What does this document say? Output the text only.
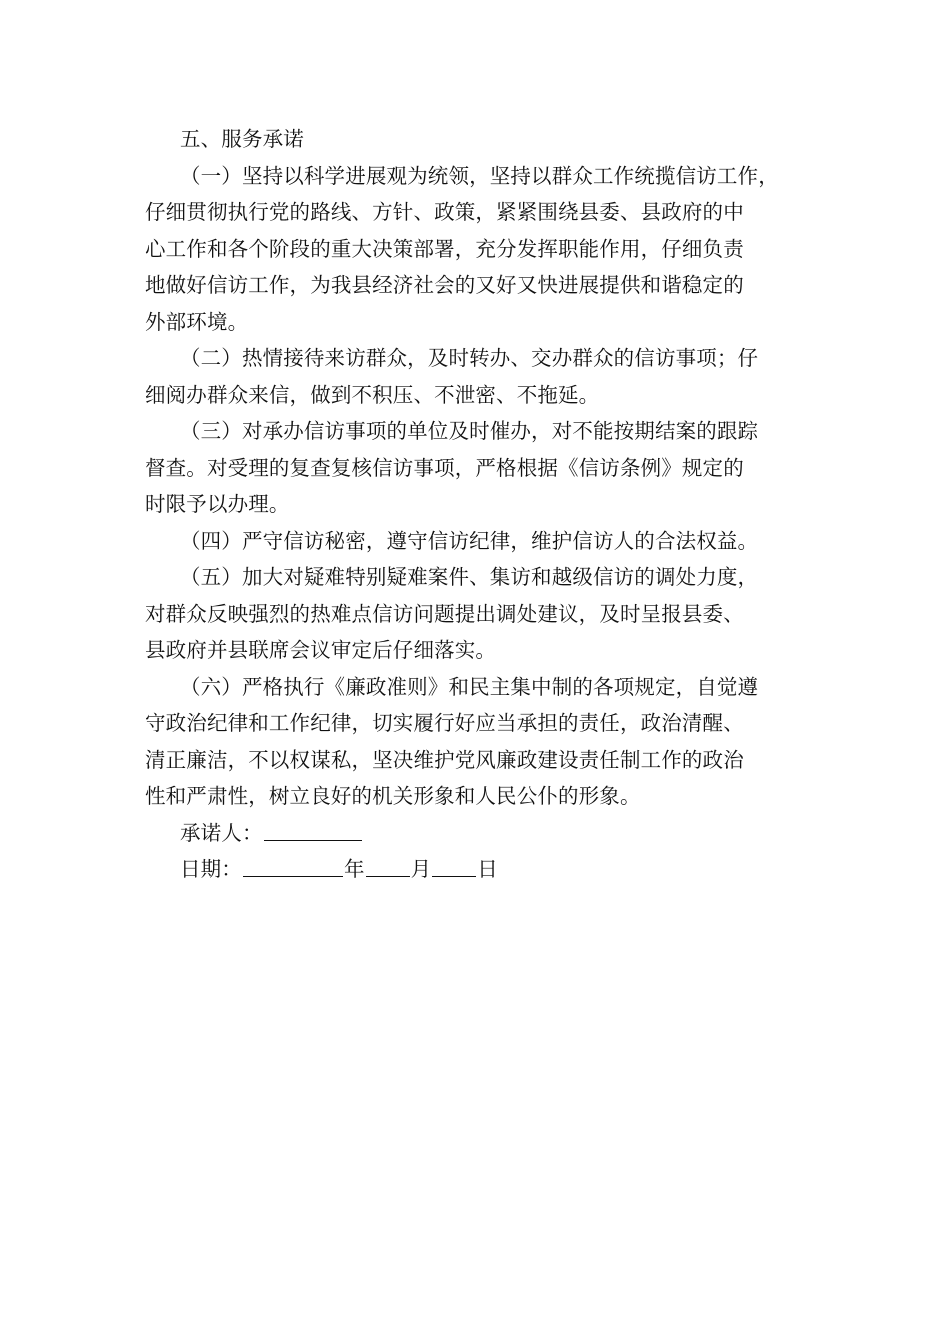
五、服务承诺
（一）坚持以科学进展观为统领，坚持以群众工作统揽信访工作，
仔细贯彻执行党的路线、方针、政策，紧紧围绕县委、县政府的中
心工作和各个阶段的重大决策部署，充分发挥职能作用，仔细负责
地做好信访工作，为我县经济社会的又好又快进展提供和谐稳定的
外部环境。
（二）热情接待来访群众，及时转办、交办群众的信访事项；仔
细阅办群众来信，做到不积压、不泄密、不拖延。
（三）对承办信访事项的单位及时催办，对不能按期结案的跟踪
督查。对受理的复查复核信访事项，严格根据《信访条例》规定的
时限予以办理。
（四）严守信访秘密，遵守信访纪律，维护信访人的合法权益。
（五）加大对疑难特别疑难案件、集访和越级信访的调处力度，
对群众反映强烈的热难点信访问题提出调处建议，及时呈报县委、
县政府并县联席会议审定后仔细落实。
（六）严格执行《廉政准则》和民主集中制的各项规定，自觉遵
守政治纪律和工作纪律，切实履行好应当承担的责任，政治清醒、
清正廉洁，不以权谋私，坚决维护党风廉政建设责任制工作的政治
性和严肃性，树立良好的机关形象和人民公仆的形象。
承诺人：
日期：	年 月 日
